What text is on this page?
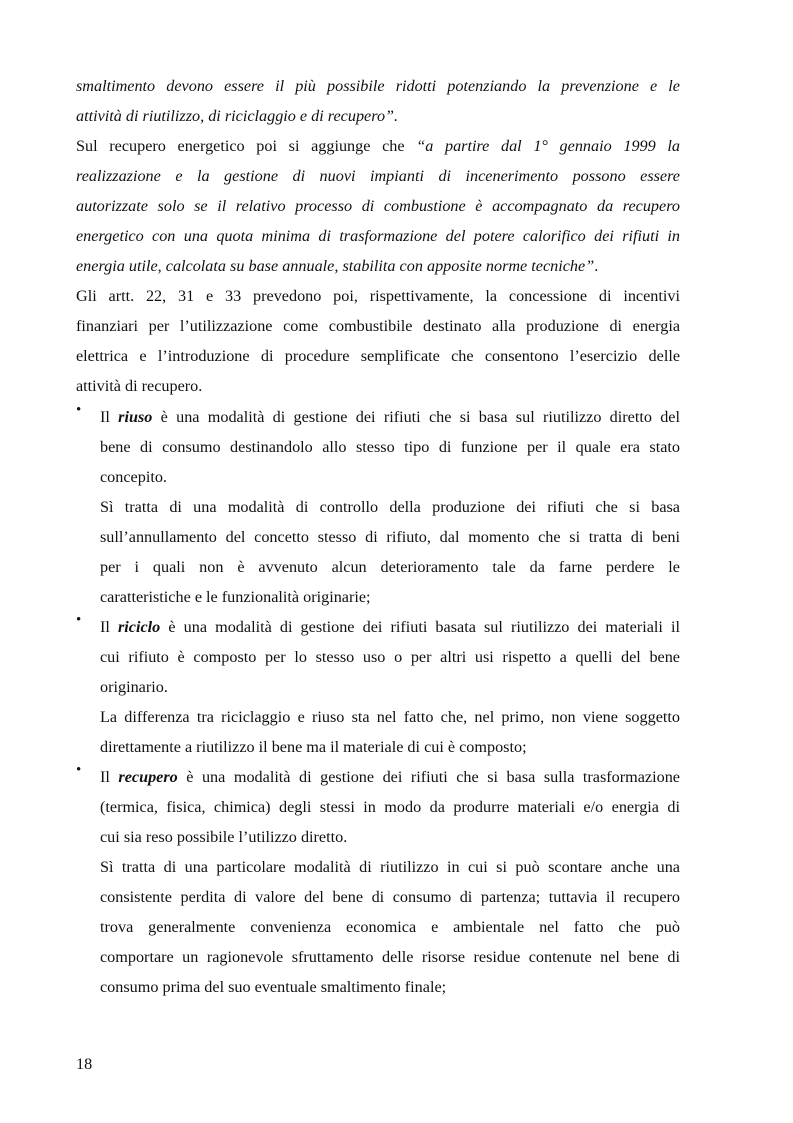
smaltimento devono essere il più possibile ridotti potenziando la prevenzione e le
attività di riutilizzo, di riciclaggio e di recupero”.
Sul recupero energetico poi si aggiunge che “a partire dal 1° gennaio 1999 la
realizzazione e la gestione di nuovi impianti di incenerimento possono essere
autorizzate solo se il relativo processo di combustione è accompagnato da recupero
energetico con una quota minima di trasformazione del potere calorifico dei rifiuti in
energia utile, calcolata su base annuale, stabilita con apposite norme tecniche”.
Gli artt. 22, 31 e 33 prevedono poi, rispettivamente, la concessione di incentivi
finanziari per l’utilizzazione come combustibile destinato alla produzione di energia
elettrica e l’introduzione di procedure semplificate che consentono l’esercizio delle
attività di recupero.
•	Il riuso è una modalità di gestione dei rifiuti che si basa sul riutilizzo diretto del
bene di consumo destinandolo allo stesso tipo di funzione per il quale era stato
concepito.
Sì tratta di una modalità di controllo della produzione dei rifiuti che si basa
sull’annullamento del concetto stesso di rifiuto, dal momento che si tratta di beni
per i quali non è avvenuto alcun deterioramento tale da farne perdere le
caratteristiche e le funzionalità originarie;
•	Il riciclo è una modalità di gestione dei rifiuti basata sul riutilizzo dei materiali il
cui rifiuto è composto per lo stesso uso o per altri usi rispetto a quelli del bene
originario.
La differenza tra riciclaggio e riuso sta nel fatto che, nel primo, non viene soggetto
direttamente a riutilizzo il bene ma il materiale di cui è composto;
•	Il recupero è una modalità di gestione dei rifiuti che si basa sulla trasformazione
(termica, fisica, chimica) degli stessi in modo da produrre materiali e/o energia di
cui sia reso possibile l’utilizzo diretto.
Sì tratta di una particolare modalità di riutilizzo in cui si può scontare anche una
consistente perdita di valore del bene di consumo di partenza; tuttavia il recupero
trova generalmente convenienza economica e ambientale nel fatto che può
comportare un ragionevole sfruttamento delle risorse residue contenute nel bene di
consumo prima del suo eventuale smaltimento finale;
18
